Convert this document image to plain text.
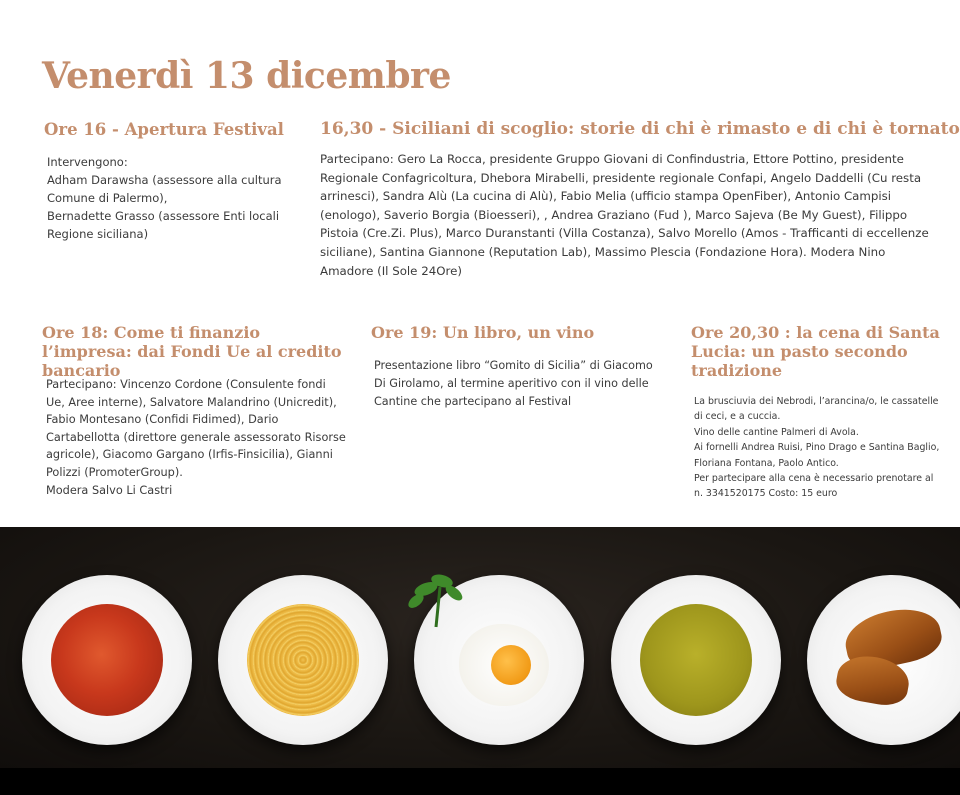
Venerdì 13 dicembre
Ore 16 - Apertura Festival

Intervengono:
Adham Darawsha (assessore alla cultura Comune di Palermo),
Bernadette Grasso (assessore Enti locali Regione siciliana)

16,30 - Siciliani di scoglio: storie di chi è rimasto e di chi è tornato

Partecipano: Gero La Rocca, presidente Gruppo Giovani di Confindustria, Ettore Pottino, presidente Regionale Confagricoltura, Dhebora Mirabelli, presidente regionale Confapi, Angelo Daddelli (Cu resta arrinesci), Sandra Alù (La cucina di Alù), Fabio Melia (ufficio stampa OpenFiber), Antonio Campisi (enologo), Saverio Borgia (Bioesseri), , Andrea Graziano (Fud ), Marco Sajeva (Be My Guest), Filippo Pistoia (Cre.Zi. Plus), Marco Duranstanti (Villa Costanza), Salvo Morello (Amos - Trafficanti di eccellenze siciliane), Santina Giannone (Reputation Lab), Massimo Plescia (Fondazione Hora). Modera Nino Amadore (Il Sole 24Ore)

Ore 18: Come ti finanzio l’impresa: dai Fondi Ue al credito bancario

Partecipano: Vincenzo Cordone (Consulente fondi Ue, Aree interne), Salvatore Malandrino (Unicredit), Fabio Montesano (Confidi Fidimed), Dario Cartabellotta (direttore generale assessorato Risorse agricole), Giacomo Gargano (Irfis-Finsicilia), Gianni Polizzi (PromoterGroup).
Modera Salvo Li Castri

Ore 19: Un libro, un vino

Presentazione libro “Gomito di Sicilia” di Giacomo Di Girolamo, al termine aperitivo con il vino delle Cantine che partecipano al Festival

Ore 20,30 : la cena di Santa Lucia: un pasto secondo tradizione

La brusciuvia dei Nebrodi, l’arancina/o, le cassatelle di ceci, e a cuccia.
Vino delle cantine Palmeri di Avola.
Ai fornelli Andrea Ruisi, Pino Drago e Santina Baglio, Floriana Fontana, Paolo Antico.
Per partecipare alla cena è necessario prenotare al n. 3341520175 Costo: 15 euro
